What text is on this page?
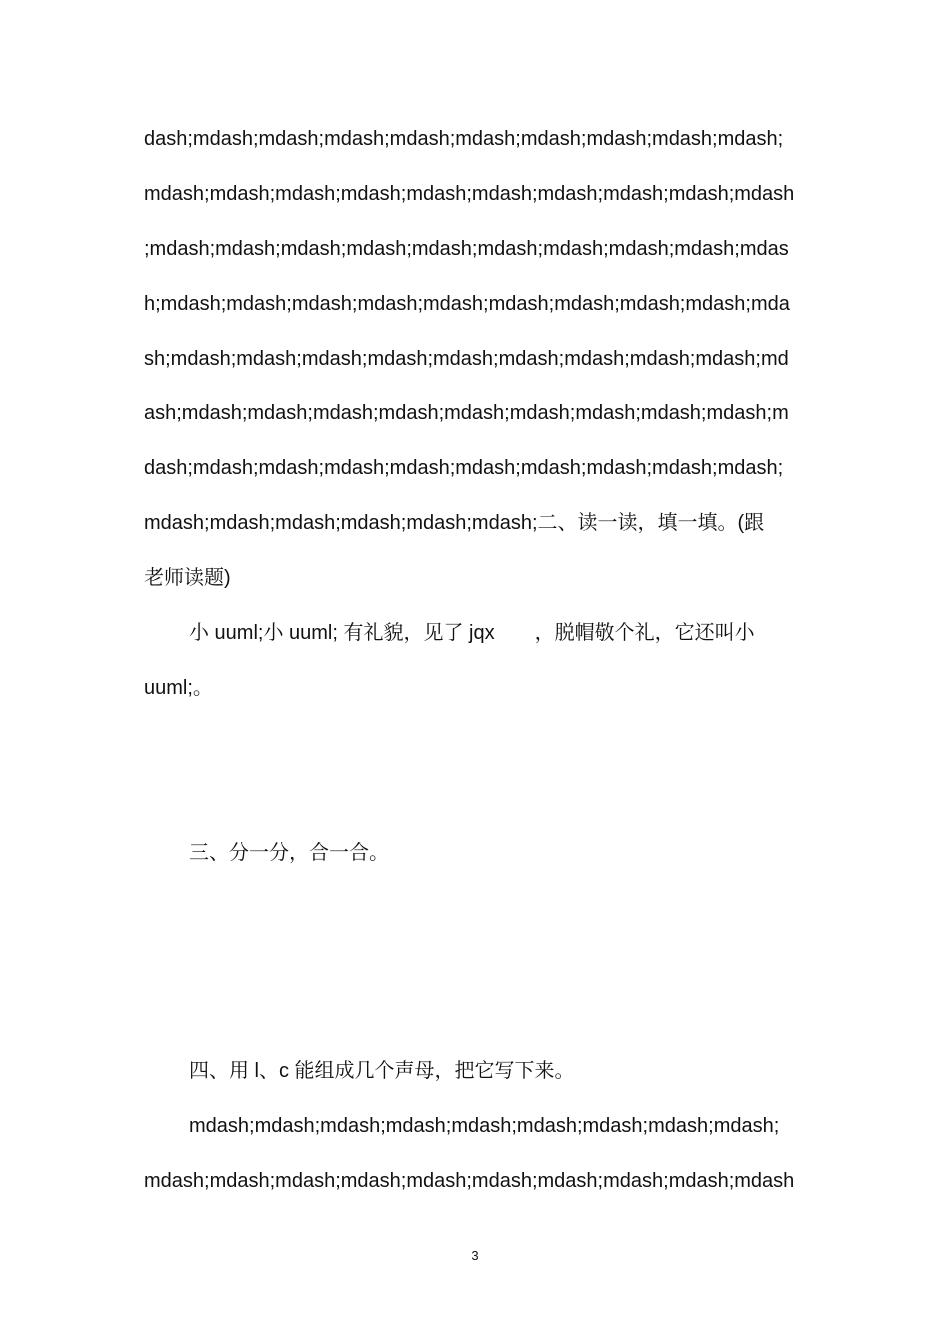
dash;mdash;mdash;mdash;mdash;mdash;mdash;mdash;mdash;mdash;
mdash;mdash;mdash;mdash;mdash;mdash;mdash;mdash;mdash;mdash
;mdash;mdash;mdash;mdash;mdash;mdash;mdash;mdash;mdash;mdas
h;mdash;mdash;mdash;mdash;mdash;mdash;mdash;mdash;mdash;mda
sh;mdash;mdash;mdash;mdash;mdash;mdash;mdash;mdash;mdash;md
ash;mdash;mdash;mdash;mdash;mdash;mdash;mdash;mdash;mdash;m
dash;mdash;mdash;mdash;mdash;mdash;mdash;mdash;mdash;mdash;
mdash;mdash;mdash;mdash;mdash;mdash;二、读一读，填一填。(跟
老师读题)
小 uuml;小 uuml; 有礼貌，见了 jqx　　，脱帽敬个礼，它还叫小
uuml;。
三、分一分，合一合。
四、用 l、c 能组成几个声母，把它写下来。
mdash;mdash;mdash;mdash;mdash;mdash;mdash;mdash;mdash;
mdash;mdash;mdash;mdash;mdash;mdash;mdash;mdash;mdash;mdash
3
